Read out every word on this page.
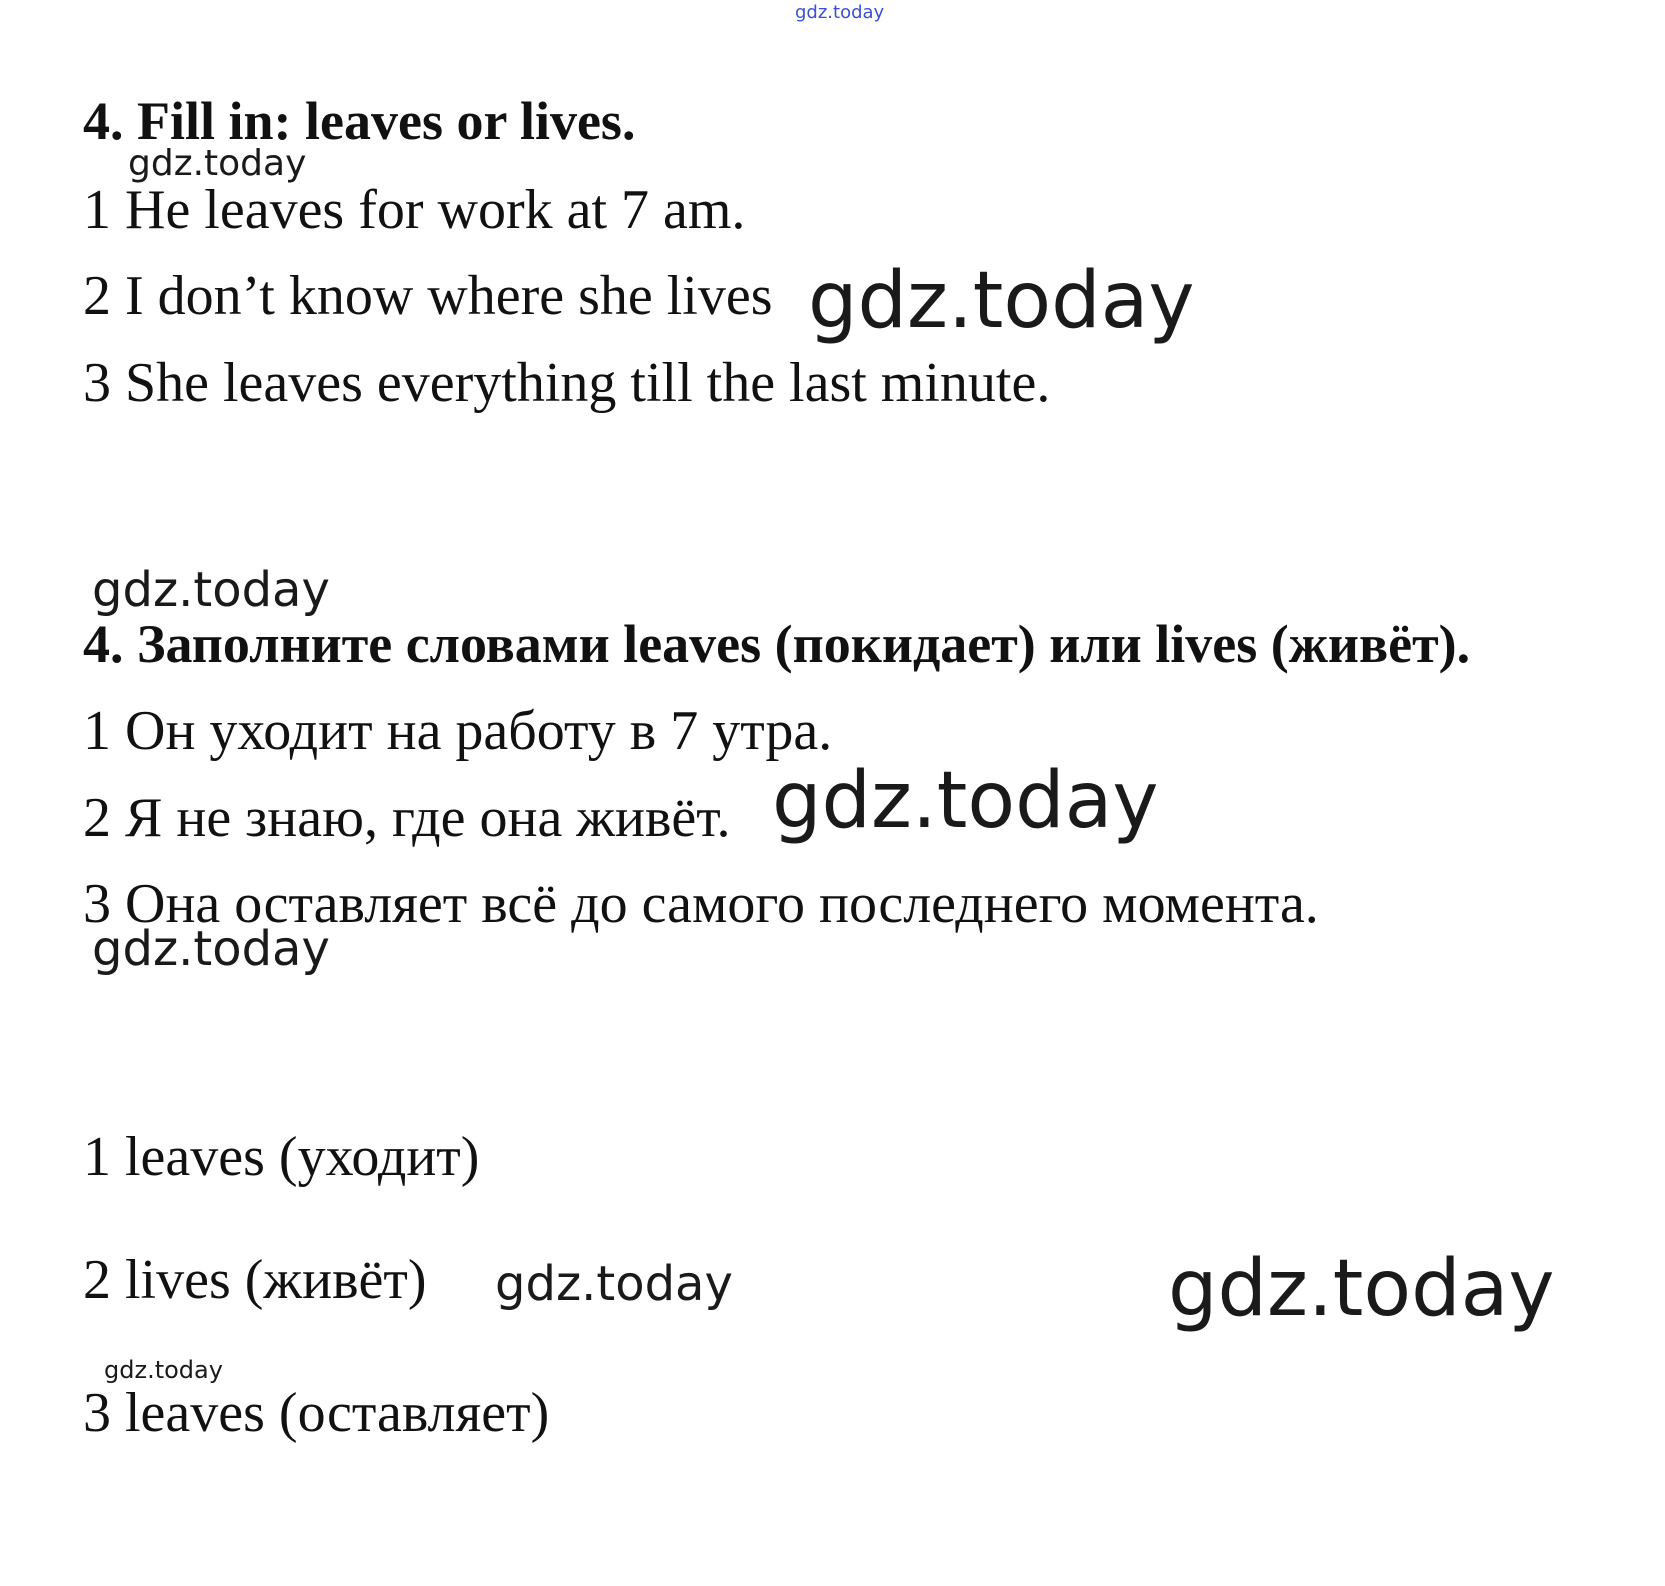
gdz.today
4. Fill in: leaves or lives.
gdz.today
1 He leaves for work at 7 am.
2 I don’t know where she lives gdz.today
3 She leaves everything till the last minute.
gdz.today
4. Заполните словами leaves (покидает) или lives (живёт).
1 Он уходит на работу в 7 утра.
2 Я не знаю, где она живёт. gdz.today
3 Она оставляет всё до самого последнего момента.
gdz.today
1 leaves (уходит)
2 lives (живёт) gdz.today	gdz.today
gdz.today
3 leaves (оставляет)
